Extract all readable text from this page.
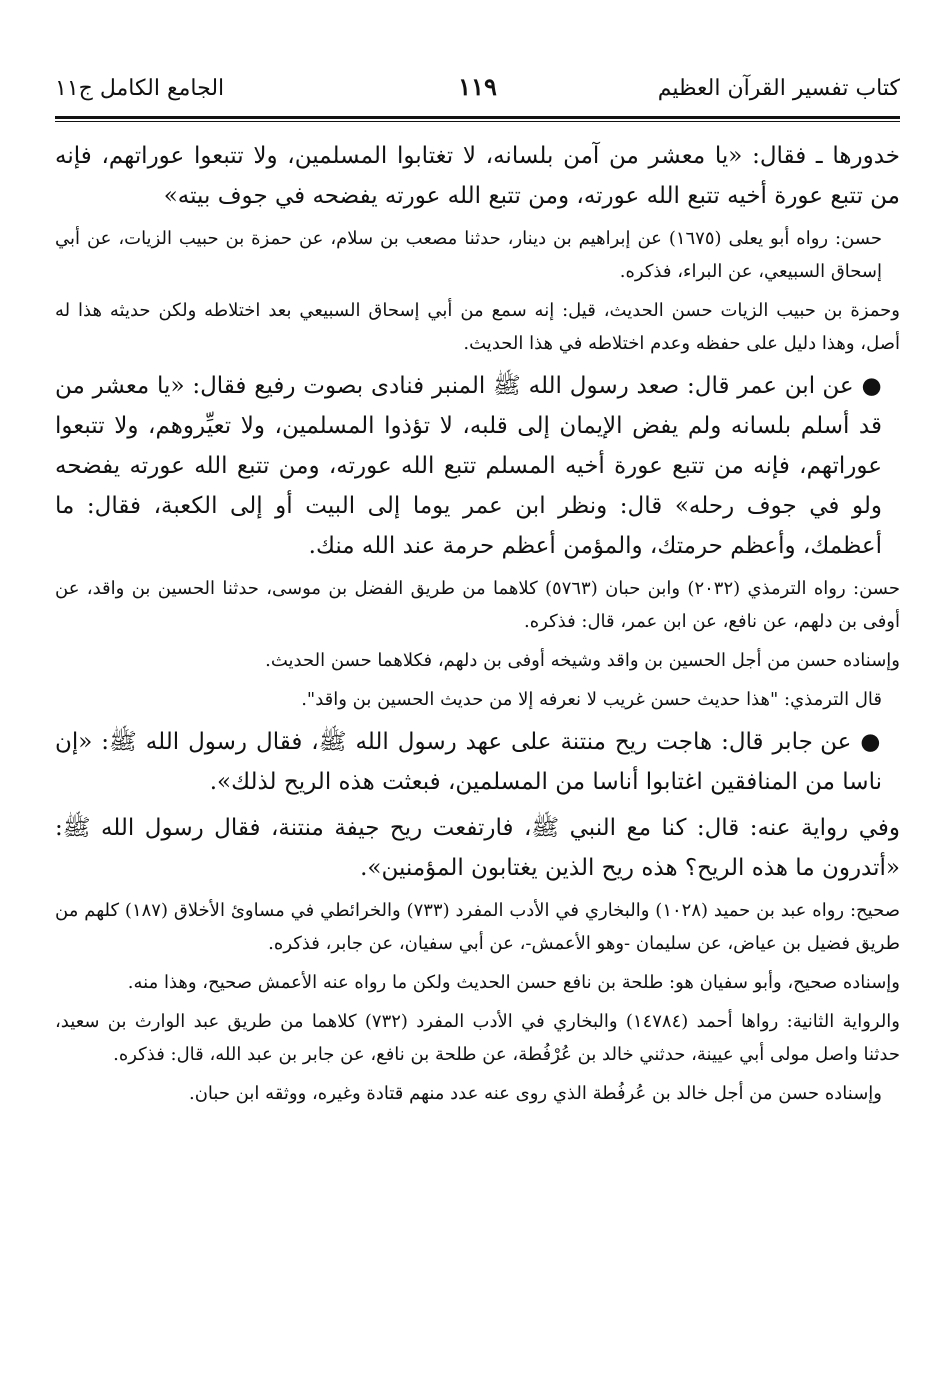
كتاب تفسير القرآن العظيم
١١٩
الجامع الكامل ج١١

خدورها ـ فقال: «يا معشر من آمن بلسانه، لا تغتابوا المسلمين، ولا تتبعوا عوراتهم، فإنه من تتبع عورة أخيه تتبع الله عورته، ومن تتبع الله عورته يفضحه في جوف بيته»

حسن: رواه أبو يعلى (١٦٧٥) عن إبراهيم بن دينار، حدثنا مصعب بن سلام، عن حمزة بن حبيب الزيات، عن أبي إسحاق السبيعي، عن البراء، فذكره.

وحمزة بن حبيب الزيات حسن الحديث، قيل: إنه سمع من أبي إسحاق السبيعي بعد اختلاطه ولكن حديثه هذا له أصل، وهذا دليل على حفظه وعدم اختلاطه في هذا الحديث.

● عن ابن عمر قال: صعد رسول الله ﷺ المنبر فنادى بصوت رفيع فقال: «يا معشر من قد أسلم بلسانه ولم يفض الإيمان إلى قلبه، لا تؤذوا المسلمين، ولا تعيِّروهم، ولا تتبعوا عوراتهم، فإنه من تتبع عورة أخيه المسلم تتبع الله عورته، ومن تتبع الله عورته يفضحه ولو في جوف رحله» قال: ونظر ابن عمر يوما إلى البيت أو إلى الكعبة، فقال: ما أعظمك، وأعظم حرمتك، والمؤمن أعظم حرمة عند الله منك.

حسن: رواه الترمذي (٢٠٣٢) وابن حبان (٥٧٦٣) كلاهما من طريق الفضل بن موسى، حدثنا الحسين بن واقد، عن أوفى بن دلهم، عن نافع، عن ابن عمر، قال: فذكره.

وإسناده حسن من أجل الحسين بن واقد وشيخه أوفى بن دلهم، فكلاهما حسن الحديث.

قال الترمذي: "هذا حديث حسن غريب لا نعرفه إلا من حديث الحسين بن واقد".

● عن جابر قال: هاجت ريح منتنة على عهد رسول الله ﷺ، فقال رسول الله ﷺ: «إن ناسا من المنافقين اغتابوا أناسا من المسلمين، فبعثت هذه الريح لذلك».

وفي رواية عنه: قال: كنا مع النبي ﷺ، فارتفعت ريح جيفة منتنة، فقال رسول الله ﷺ: «أتدرون ما هذه الريح؟ هذه ريح الذين يغتابون المؤمنين».

صحيح: رواه عبد بن حميد (١٠٢٨) والبخاري في الأدب المفرد (٧٣٣) والخرائطي في مساوئ الأخلاق (١٨٧) كلهم من طريق فضيل بن عياض، عن سليمان -وهو الأعمش-، عن أبي سفيان، عن جابر، فذكره.

وإسناده صحيح، وأبو سفيان هو: طلحة بن نافع حسن الحديث ولكن ما رواه عنه الأعمش صحيح، وهذا منه.

والرواية الثانية: رواها أحمد (١٤٧٨٤) والبخاري في الأدب المفرد (٧٣٢) كلاهما من طريق عبد الوارث بن سعيد، حدثنا واصل مولى أبي عيينة، حدثني خالد بن عُرْفُطة، عن طلحة بن نافع، عن جابر بن عبد الله، قال: فذكره.

وإسناده حسن من أجل خالد بن عُرفُطة الذي روى عنه عدد منهم قتادة وغيره، ووثقه ابن حبان.
